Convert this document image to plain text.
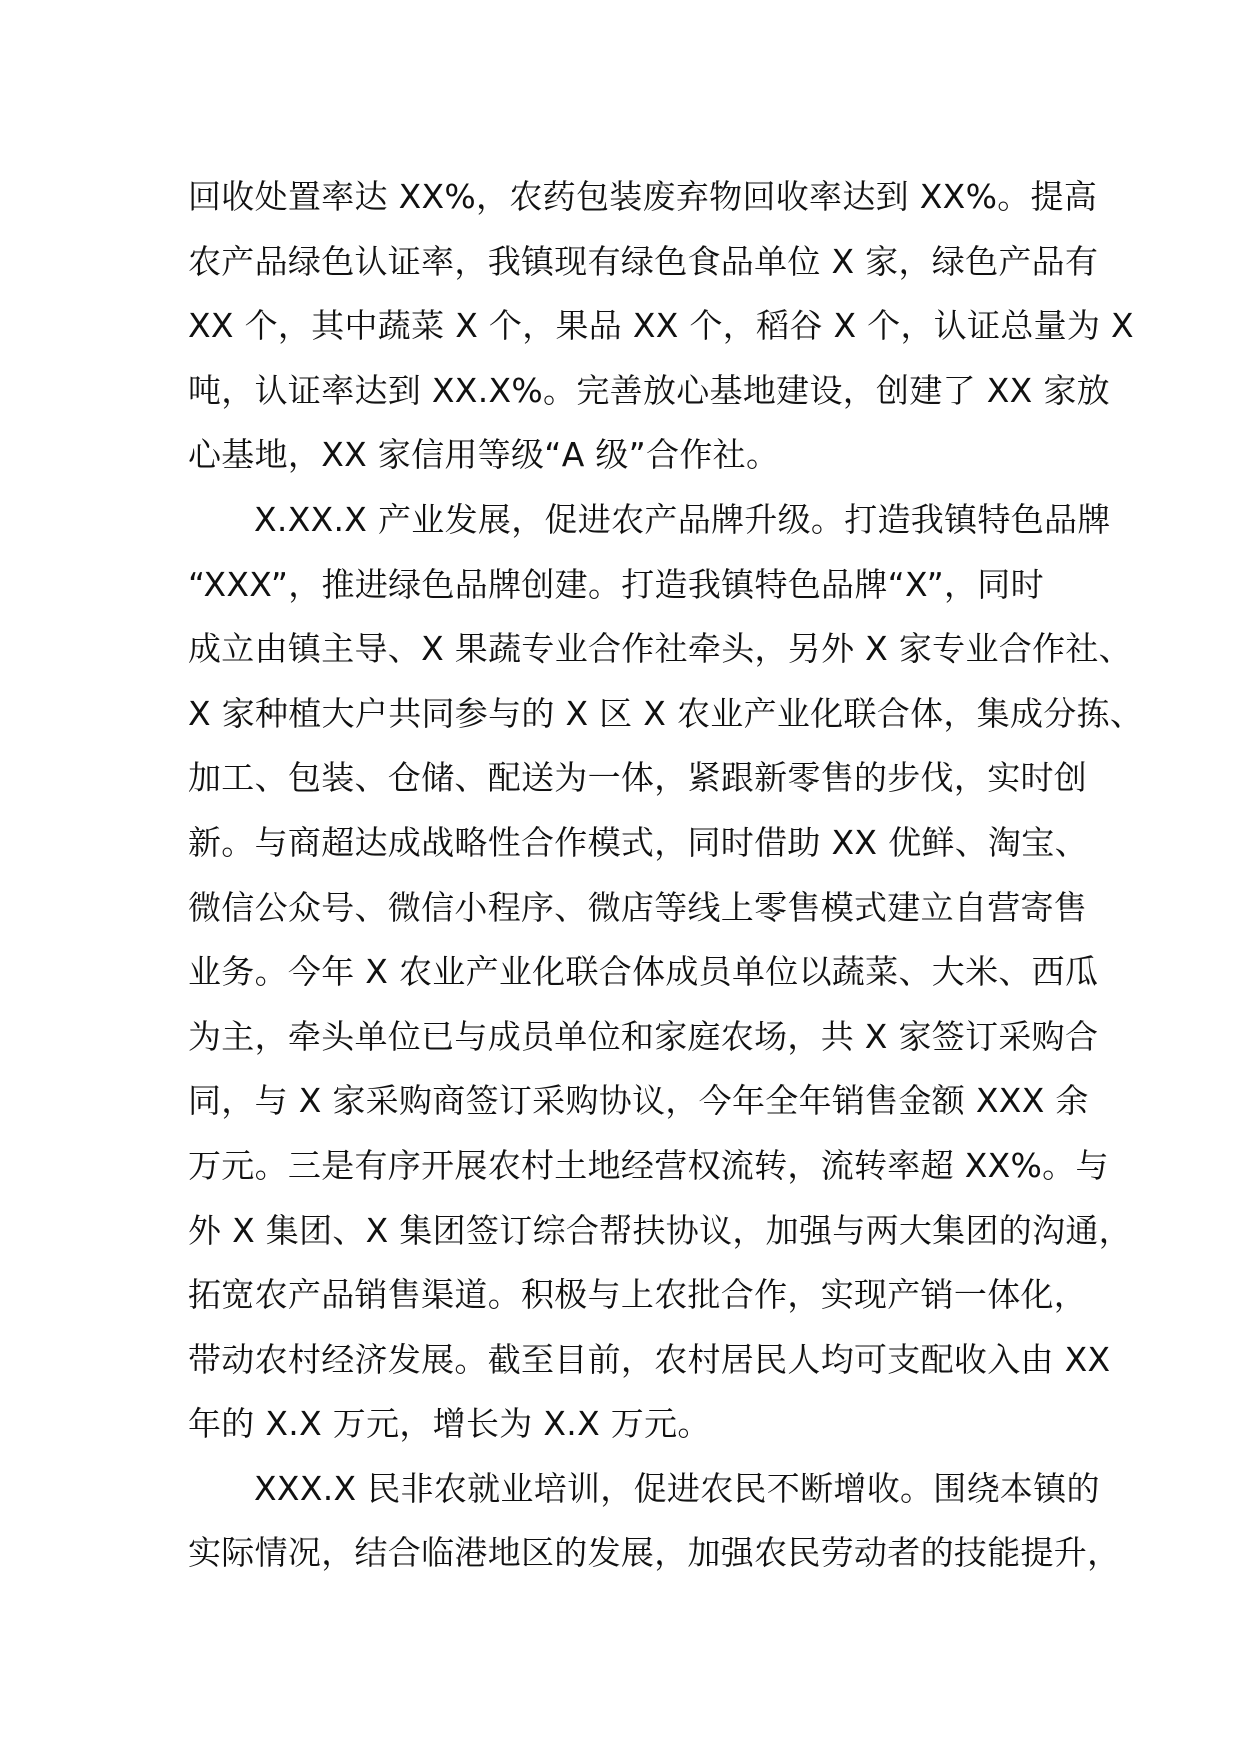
回收处置率达 XX%，农药包装废弃物回收率达到 XX%。提高
农产品绿色认证率，我镇现有绿色食品单位 X 家，绿色产品有
XX 个，其中蔬菜 X 个，果品 XX 个，稻谷 X 个，认证总量为 X
吨，认证率达到 XX.X%。完善放心基地建设，创建了 XX 家放
心基地，XX 家信用等级“A 级”合作社。
X.XX.X 产业发展，促进农产品牌升级。打造我镇特色品牌
“XXX”，推进绿色品牌创建。打造我镇特色品牌“X”，同时
成立由镇主导、X 果蔬专业合作社牵头，另外 X 家专业合作社、
X 家种植大户共同参与的 X 区 X 农业产业化联合体，集成分拣、
加工、包装、仓储、配送为一体，紧跟新零售的步伐，实时创
新。与商超达成战略性合作模式，同时借助 XX 优鲜、淘宝、
微信公众号、微信小程序、微店等线上零售模式建立自营寄售
业务。今年 X 农业产业化联合体成员单位以蔬菜、大米、西瓜
为主，牵头单位已与成员单位和家庭农场，共 X 家签订采购合
同，与 X 家采购商签订采购协议，今年全年销售金额 XXX 余
万元。三是有序开展农村土地经营权流转，流转率超 XX%。与
外 X 集团、X 集团签订综合帮扶协议，加强与两大集团的沟通，
拓宽农产品销售渠道。积极与上农批合作，实现产销一体化，
带动农村经济发展。截至目前，农村居民人均可支配收入由 XX
年的 X.X 万元，增长为 X.X 万元。
XXX.X 民非农就业培训，促进农民不断增收。围绕本镇的
实际情况，结合临港地区的发展，加强农民劳动者的技能提升，
